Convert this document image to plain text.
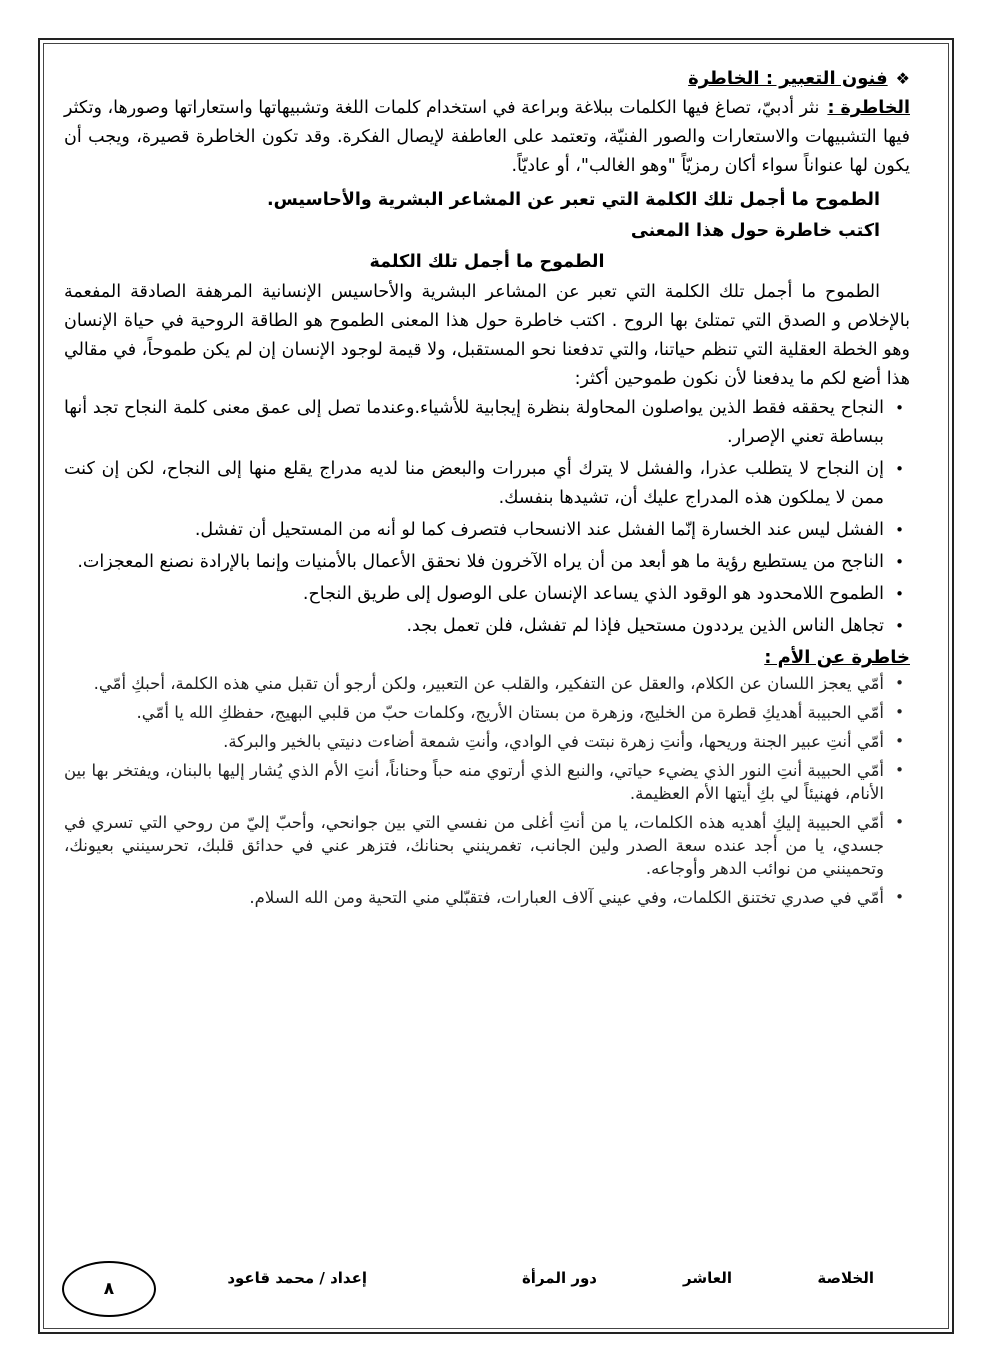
❖فنون التعبير : الخاطرة

الخاطرة :نثر أدبيّ، تصاغ فيها الكلمات ببلاغة وبراعة في استخدام كلمات اللغة وتشبيهاتها واستعاراتها وصورها، وتكثر فيها التشبيهات والاستعارات والصور الفنيّة، وتعتمد على العاطفة لإيصال الفكرة. وقد تكون الخاطرة قصيرة، ويجب أن يكون لها عنواناً سواء أكان رمزيّاً "وهو الغالب"، أو عاديّاً.

الطموح ما أجمل تلك الكلمة التي تعبر عن المشاعر البشرية والأحاسيس.

اكتب خاطرة حول هذا المعنى

الطموح ما أجمل تلك الكلمة

الطموح ما أجمل تلك الكلمة التي تعبر عن المشاعر البشرية والأحاسيس الإنسانية المرهفة الصادقة المفعمة بالإخلاص و الصدق التي تمتلئ بها الروح . اكتب خاطرة حول هذا المعنى الطموح هو الطاقة الروحية في حياة الإنسان وهو الخطة العقلية التي تنظم حياتنا، والتي تدفعنا نحو المستقبل، ولا قيمة لوجود الإنسان إن لم يكن طموحاً، في مقالي هذا أضع لكم ما يدفعنا لأن نكون طموحين أكثر:

• النجاح يحققه فقط الذين يواصلون المحاولة بنظرة إيجابية للأشياء.وعندما تصل إلى عمق معنى كلمة النجاح تجد أنها ببساطة تعني الإصرار.
• إن النجاح لا يتطلب عذرا، والفشل لا يترك أي مبررات والبعض منا لديه مدراج يقلع منها إلى النجاح، لكن إن كنت ممن لا يملكون هذه المدراج عليك أن، تشيدها بنفسك.
• الفشل ليس عند الخسارة إنّما الفشل عند الانسحاب فتصرف كما لو أنه من المستحيل أن تفشل.
• الناجح من يستطيع رؤية ما هو أبعد من أن يراه الآخرون فلا نحقق الأعمال بالأمنيات وإنما بالإرادة نصنع المعجزات.
• الطموح اللامحدود هو الوقود الذي يساعد الإنسان على الوصول إلى طريق النجاح.
• تجاهل الناس الذين يرددون مستحيل فإذا لم تفشل، فلن تعمل بجد.

خاطرة عن الأم :

• أمّي يعجز اللسان عن الكلام، والعقل عن التفكير، والقلب عن التعبير، ولكن أرجو أن تقبل مني هذه الكلمة، أحبكِ أمّي.
• أمّي الحبيبة أهديكِ قطرة من الخليج، وزهرة من بستان الأريج، وكلمات حبّ من قلبي البهيج، حفظكِ الله يا أمّي.
• أمّي أنتِ عبير الجنة وريحها، وأنتِ زهرة نبتت في الوادي، وأنتِ شمعة أضاءت دنيتي بالخير والبركة.
• أمّي الحبيبة أنتِ النور الذي يضيء حياتي، والنبع الذي أرتوي منه حباً وحناناً، أنتِ الأم الذي يُشار إليها بالبنان، ويفتخر بها بين الأنام، فهنيئاً لي بكِ أيتها الأم العظيمة.
• أمّي الحبيبة إليكِ أهديه هذه الكلمات، يا من أنتِ أغلى من نفسي التي بين جوانحي، وأحبّ إليّ من روحي التي تسري في جسدي، يا من أجد عنده سعة الصدر ولين الجانب، تغمرينني بحنانك، فتزهر عني في حدائق قلبك، تحرسينني بعيونك، وتحمينني من نوائب الدهر وأوجاعه.
• أمّي في صدري تختنق الكلمات، وفي عيني آلاف العبارات، فتقبّلي مني التحية ومن الله السلام.
الخلاصة
العاشر
دور المرأة
إعداد / محمد قاعود
٨
